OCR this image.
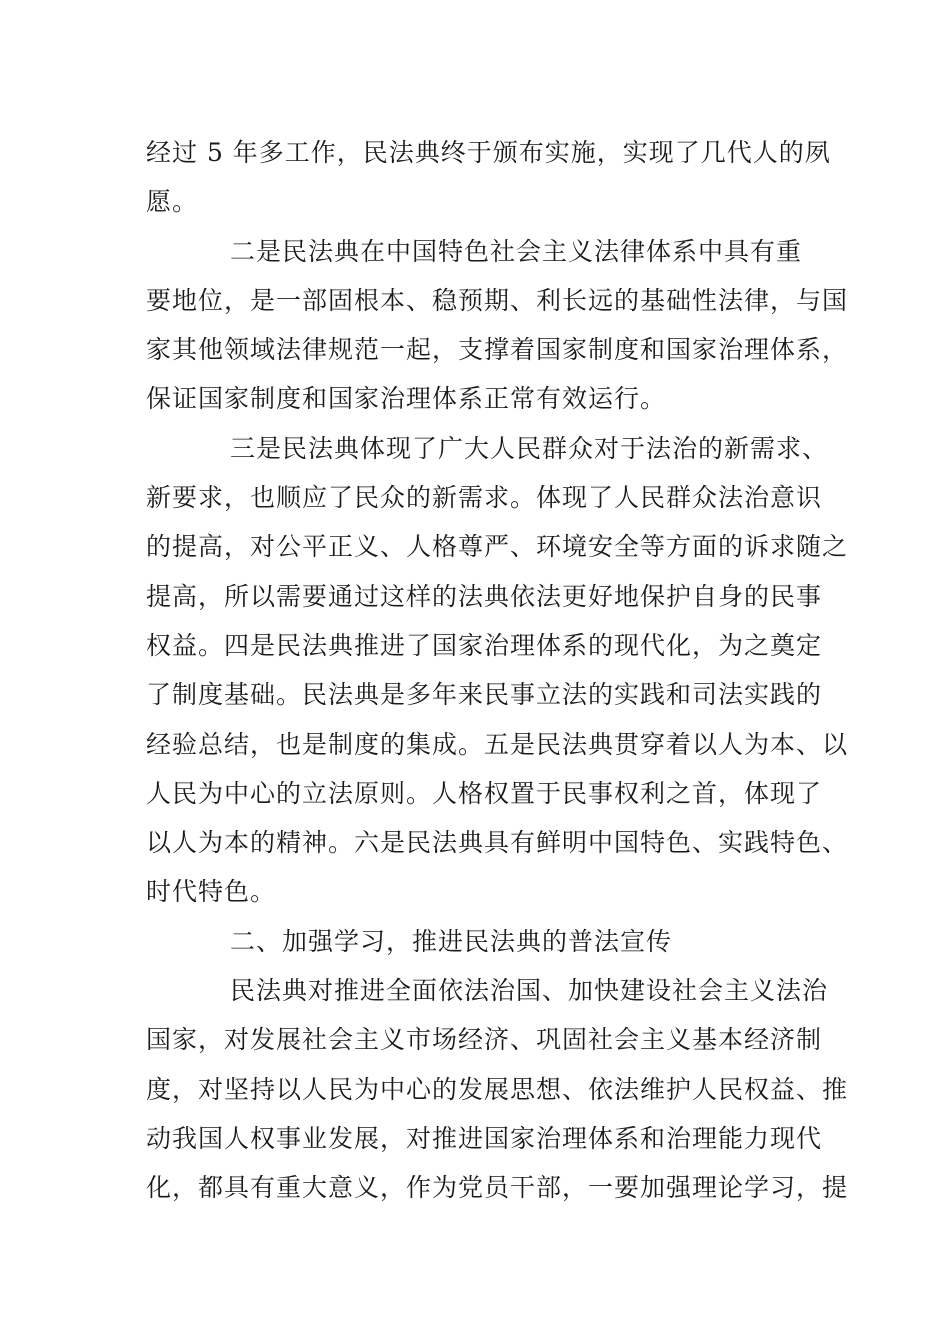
经过 5 年多工作，民法典终于颁布实施，实现了几代人的夙
愿。
二是民法典在中国特色社会主义法律体系中具有重
要地位，是一部固根本、稳预期、利长远的基础性法律，与国
家其他领域法律规范一起，支撑着国家制度和国家治理体系，
保证国家制度和国家治理体系正常有效运行。
三是民法典体现了广大人民群众对于法治的新需求、
新要求，也顺应了民众的新需求。体现了人民群众法治意识
的提高，对公平正义、人格尊严、环境安全等方面的诉求随之
提高，所以需要通过这样的法典依法更好地保护自身的民事
权益。四是民法典推进了国家治理体系的现代化，为之奠定
了制度基础。民法典是多年来民事立法的实践和司法实践的
经验总结，也是制度的集成。五是民法典贯穿着以人为本、以
人民为中心的立法原则。人格权置于民事权利之首，体现了
以人为本的精神。六是民法典具有鲜明中国特色、实践特色、
时代特色。
二、加强学习，推进民法典的普法宣传
民法典对推进全面依法治国、加快建设社会主义法治
国家，对发展社会主义市场经济、巩固社会主义基本经济制
度，对坚持以人民为中心的发展思想、依法维护人民权益、推
动我国人权事业发展，对推进国家治理体系和治理能力现代
化，都具有重大意义，作为党员干部，一要加强理论学习，提
